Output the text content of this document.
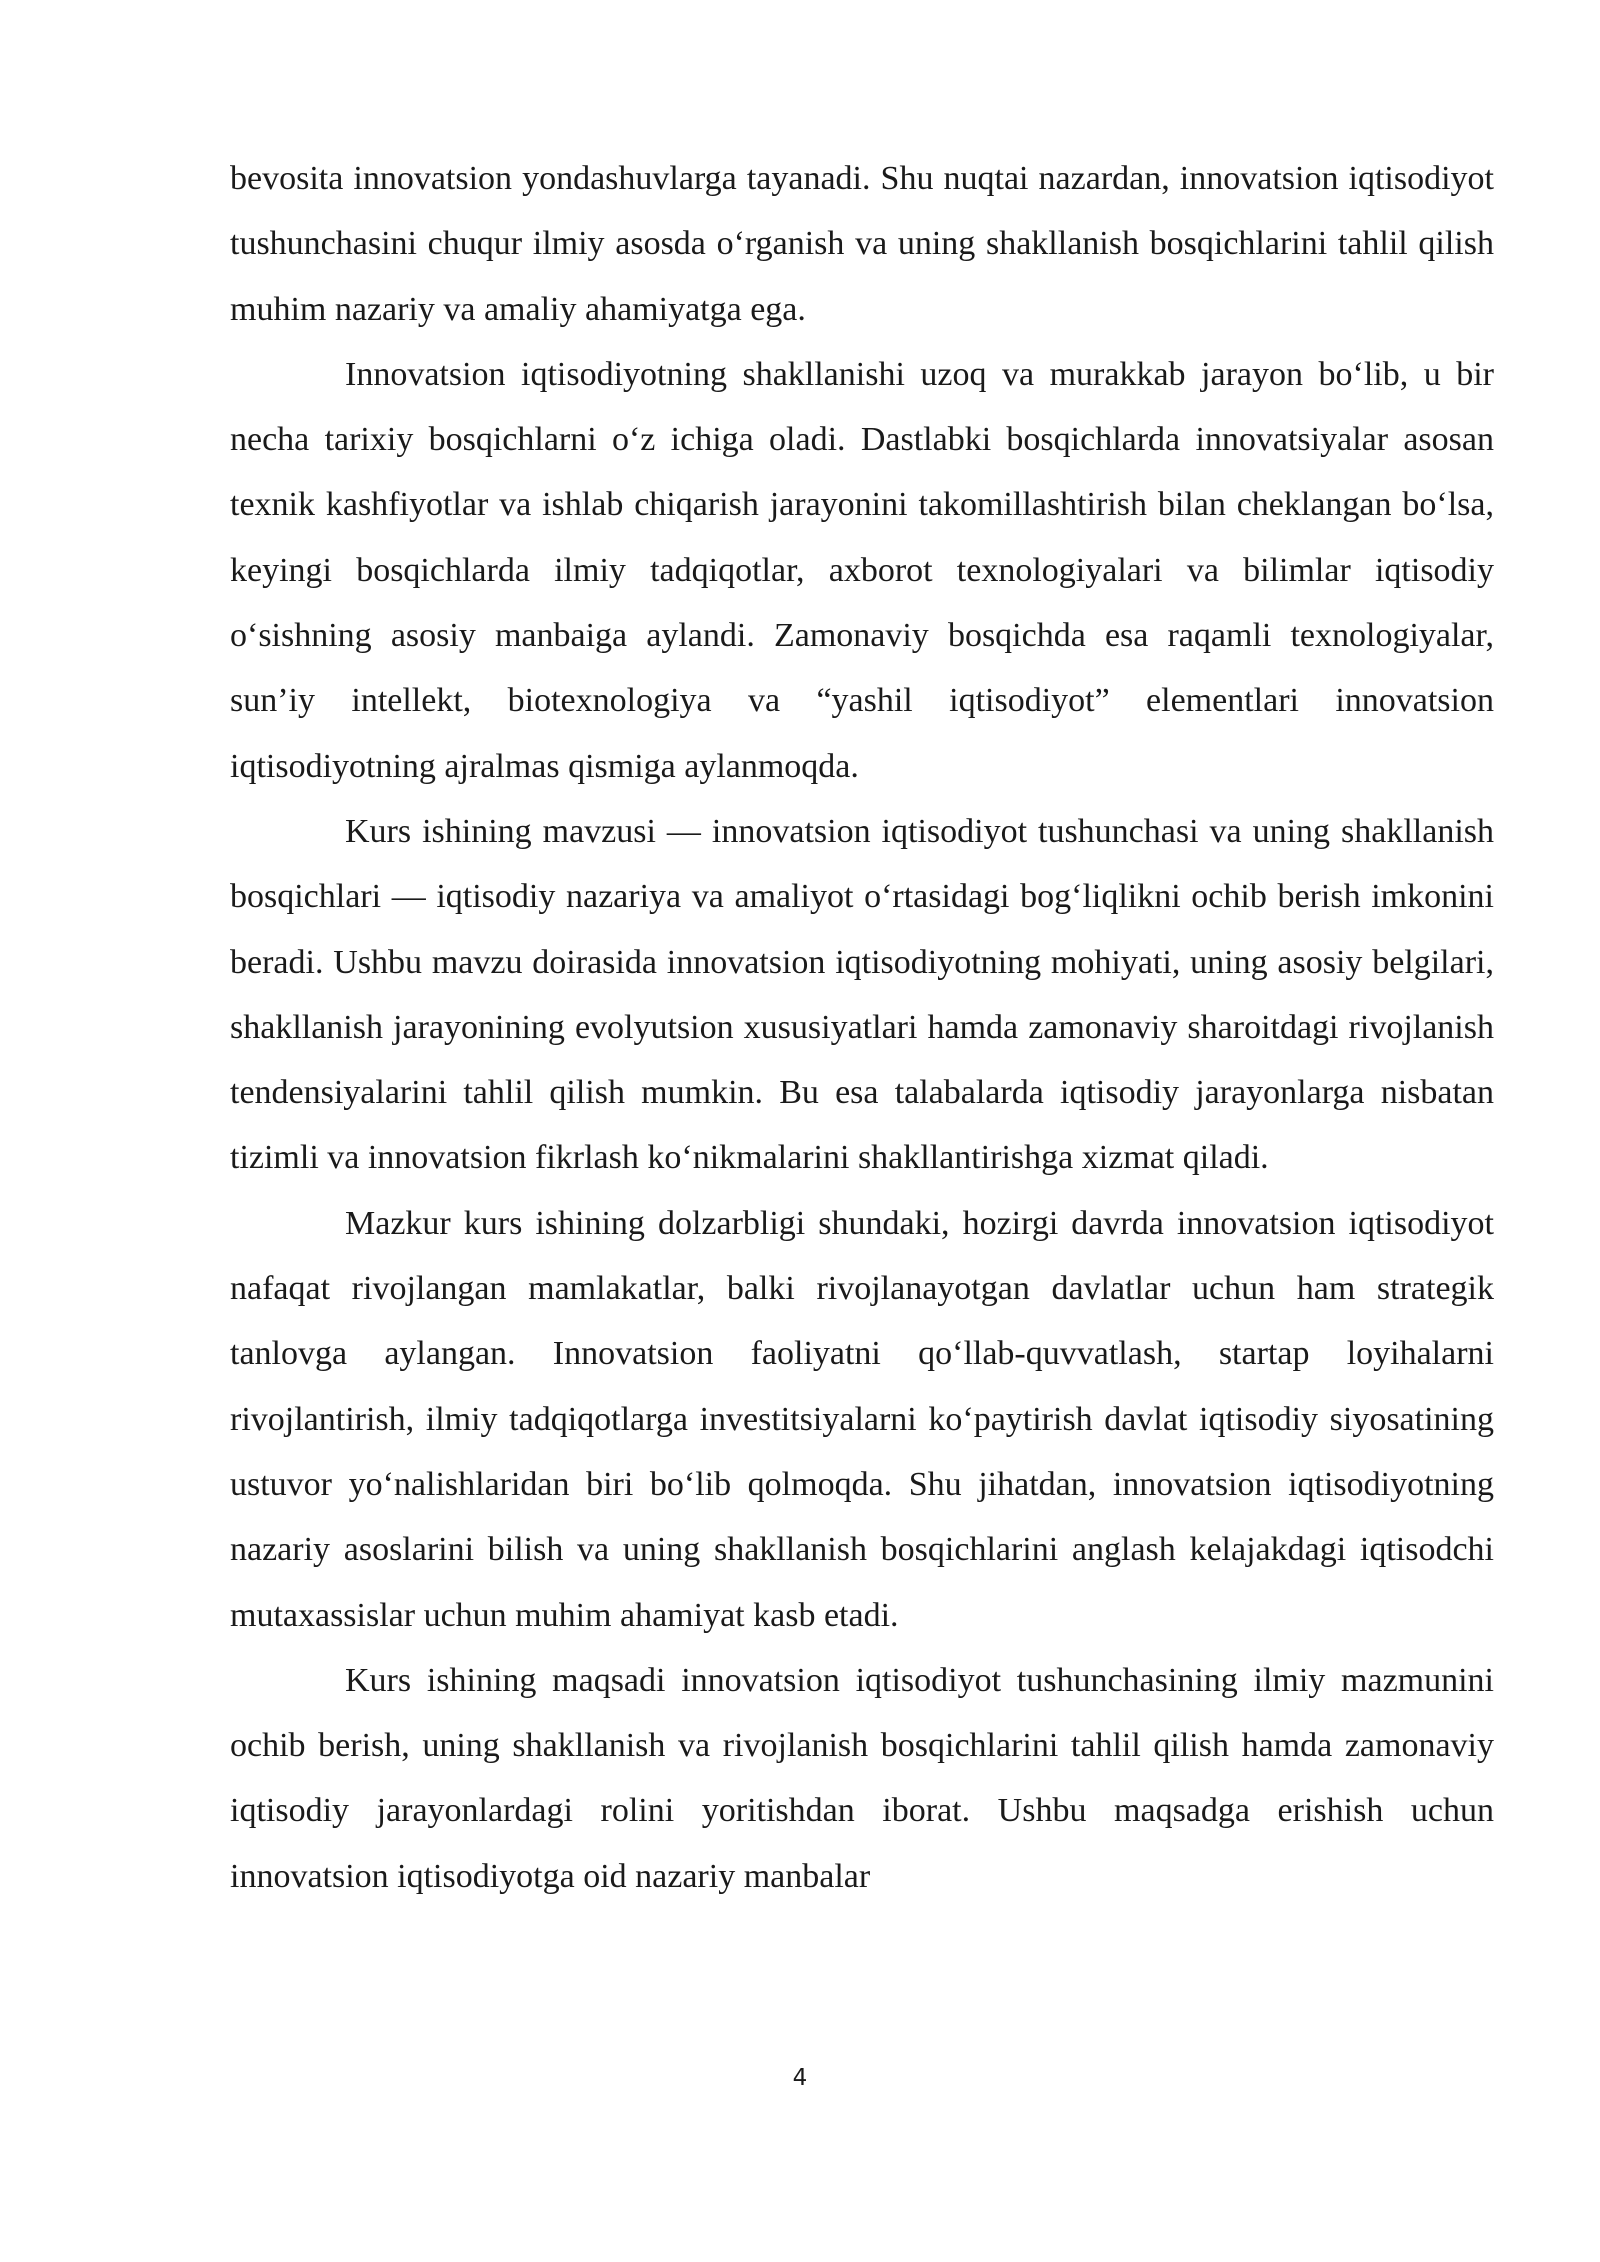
bevosita innovatsion yondashuvlarga tayanadi. Shu nuqtai nazardan, innovatsion iqtisodiyot tushunchasini chuqur ilmiy asosda o‘rganish va uning shakllanish bosqichlarini tahlil qilish muhim nazariy va amaliy ahamiyatga ega.

Innovatsion iqtisodiyotning shakllanishi uzoq va murakkab jarayon bo‘lib, u bir necha tarixiy bosqichlarni o‘z ichiga oladi. Dastlabki bosqichlarda innovatsiyalar asosan texnik kashfiyotlar va ishlab chiqarish jarayonini takomillashtirish bilan cheklangan bo‘lsa, keyingi bosqichlarda ilmiy tadqiqotlar, axborot texnologiyalari va bilimlar iqtisodiy o‘sishning asosiy manbaiga aylandi. Zamonaviy bosqichda esa raqamli texnologiyalar, sun’iy intellekt, biotexnologiya va “yashil iqtisodiyot” elementlari innovatsion iqtisodiyotning ajralmas qismiga aylanmoqda.

Kurs ishining mavzusi — innovatsion iqtisodiyot tushunchasi va uning shakllanish bosqichlari — iqtisodiy nazariya va amaliyot o‘rtasidagi bog‘liqlikni ochib berish imkonini beradi. Ushbu mavzu doirasida innovatsion iqtisodiyotning mohiyati, uning asosiy belgilari, shakllanish jarayonining evolyutsion xususiyatlari hamda zamonaviy sharoitdagi rivojlanish tendensiyalarini tahlil qilish mumkin. Bu esa talabalarda iqtisodiy jarayonlarga nisbatan tizimli va innovatsion fikrlash ko‘nikmalarini shakllantirishga xizmat qiladi.

Mazkur kurs ishining dolzarbligi shundaki, hozirgi davrda innovatsion iqtisodiyot nafaqat rivojlangan mamlakatlar, balki rivojlanayotgan davlatlar uchun ham strategik tanlovga aylangan. Innovatsion faoliyatni qo‘llab-quvvatlash, startap loyihalarni rivojlantirish, ilmiy tadqiqotlarga investitsiyalarni ko‘paytirish davlat iqtisodiy siyosatining ustuvor yo‘nalishlaridan biri bo‘lib qolmoqda. Shu jihatdan, innovatsion iqtisodiyotning nazariy asoslarini bilish va uning shakllanish bosqichlarini anglash kelajakdagi iqtisodchi mutaxassislar uchun muhim ahamiyat kasb etadi.

Kurs ishining maqsadi innovatsion iqtisodiyot tushunchasining ilmiy mazmunini ochib berish, uning shakllanish va rivojlanish bosqichlarini tahlil qilish hamda zamonaviy iqtisodiy jarayonlardagi rolini yoritishdan iborat. Ushbu maqsadga erishish uchun innovatsion iqtisodiyotga oid nazariy manbalar

4
